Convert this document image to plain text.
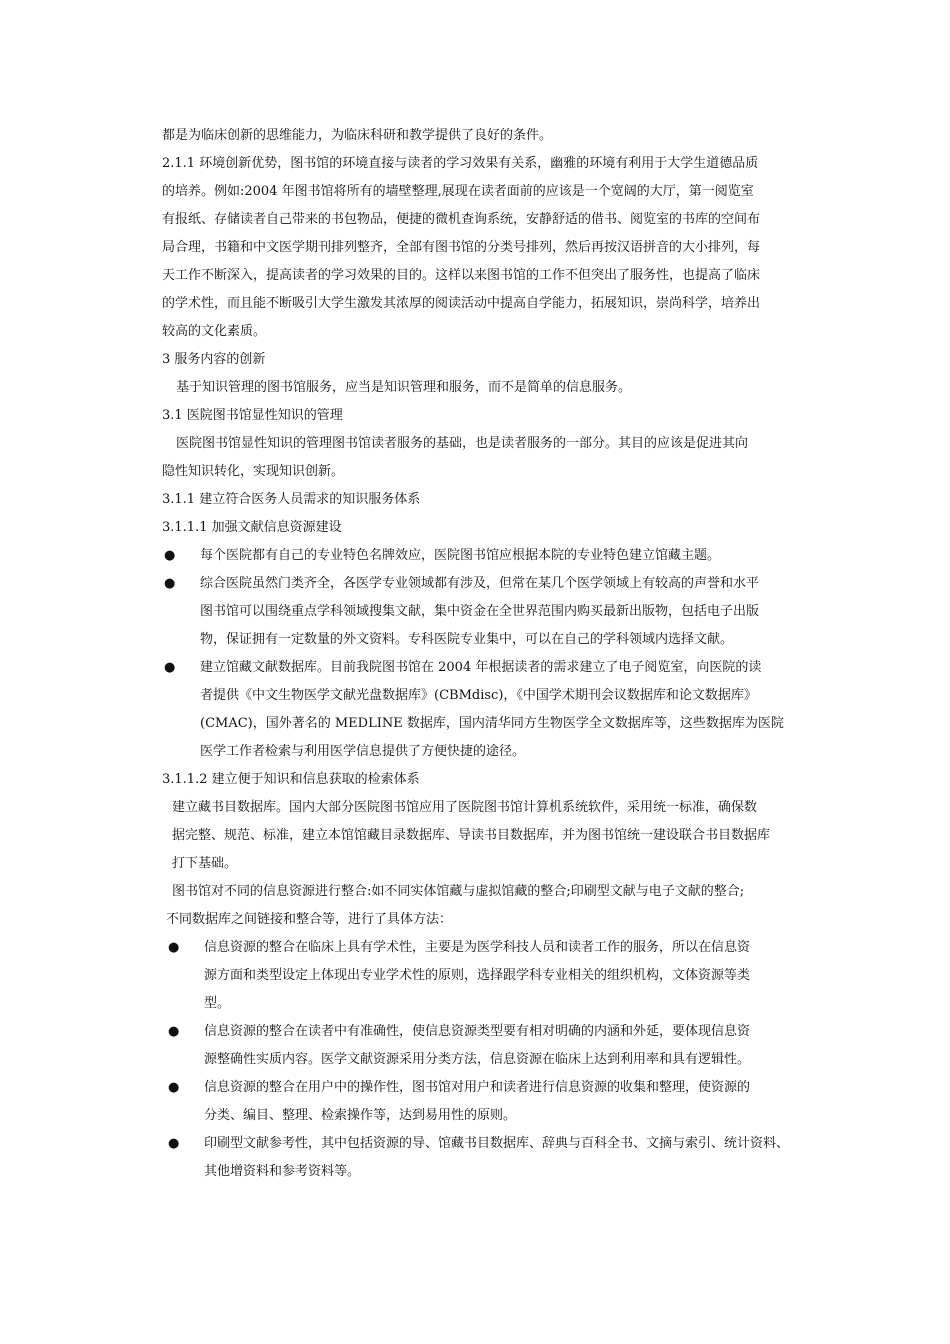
都是为临床创新的思维能力，为临床科研和教学提供了良好的条件。

2.1.1 环境创新优势，图书馆的环境直接与读者的学习效果有关系，幽雅的环境有利用于大学生道德品质

的培养。例如:2004 年图书馆将所有的墙壁整理,展现在读者面前的应该是一个宽阔的大厅，第一阅览室

有报纸、存储读者自己带来的书包物品，便捷的微机查询系统，安静舒适的借书、阅览室的书库的空间布

局合理，书籍和中文医学期刊排列整齐，全部有图书馆的分类号排列，然后再按汉语拼音的大小排列，每

天工作不断深入，提高读者的学习效果的目的。这样以来图书馆的工作不但突出了服务性，也提高了临床

的学术性，而且能不断吸引大学生激发其浓厚的阅读活动中提高自学能力，拓展知识，崇尚科学，培养出

较高的文化素质。

3 服务内容的创新

基于知识管理的图书馆服务，应当是知识管理和服务，而不是简单的信息服务。

3.1 医院图书馆显性知识的管理

医院图书馆显性知识的管理图书馆读者服务的基础，也是读者服务的一部分。其目的应该是促进其向

隐性知识转化，实现知识创新。

3.1.1 建立符合医务人员需求的知识服务体系

3.1.1.1 加强文献信息资源建设

● 每个医院都有自己的专业特色名牌效应，医院图书馆应根据本院的专业特色建立馆藏主题。

● 综合医院虽然门类齐全，各医学专业领域都有涉及，但常在某几个医学领域上有较高的声誉和水平

图书馆可以围绕重点学科领域搜集文献，集中资金在全世界范围内购买最新出版物，包括电子出版

物，保证拥有一定数量的外文资料。专科医院专业集中，可以在自己的学科领域内选择文献。

● 建立馆藏文献数据库。目前我院图书馆在 2004 年根据读者的需求建立了电子阅览室，向医院的读

者提供《中文生物医学文献光盘数据库》(CBMdisc)，《中国学术期刊会议数据库和论文数据库》

(CMAC)，国外著名的 MEDLINE 数据库，国内清华同方生物医学全文数据库等，这些数据库为医院

医学工作者检索与利用医学信息提供了方便快捷的途径。

3.1.1.2 建立便于知识和信息获取的检索体系

建立藏书目数据库。国内大部分医院图书馆应用了医院图书馆计算机系统软件，采用统一标准，确保数

据完整、规范、标准，建立本馆馆藏目录数据库、导读书目数据库，并为图书馆统一建设联合书目数据库

打下基础。

图书馆对不同的信息资源进行整合:如不同实体馆藏与虚拟馆藏的整合;印刷型文献与电子文献的整合;

不同数据库之间链接和整合等，进行了具体方法：

● 信息资源的整合在临床上具有学术性，主要是为医学科技人员和读者工作的服务，所以在信息资

源方面和类型设定上体现出专业学术性的原则，选择跟学科专业相关的组织机构，文体资源等类

型。

● 信息资源的整合在读者中有准确性，使信息资源类型要有相对明确的内涵和外延，要体现信息资

源整确性实质内容。医学文献资源采用分类方法，信息资源在临床上达到利用率和具有逻辑性。

● 信息资源的整合在用户中的操作性，图书馆对用户和读者进行信息资源的收集和整理，使资源的

分类、编目、整理、检索操作等，达到易用性的原则。

● 印刷型文献参考性，其中包括资源的导、馆藏书目数据库、辞典与百科全书、文摘与索引、统计资料、

其他增资料和参考资料等。
